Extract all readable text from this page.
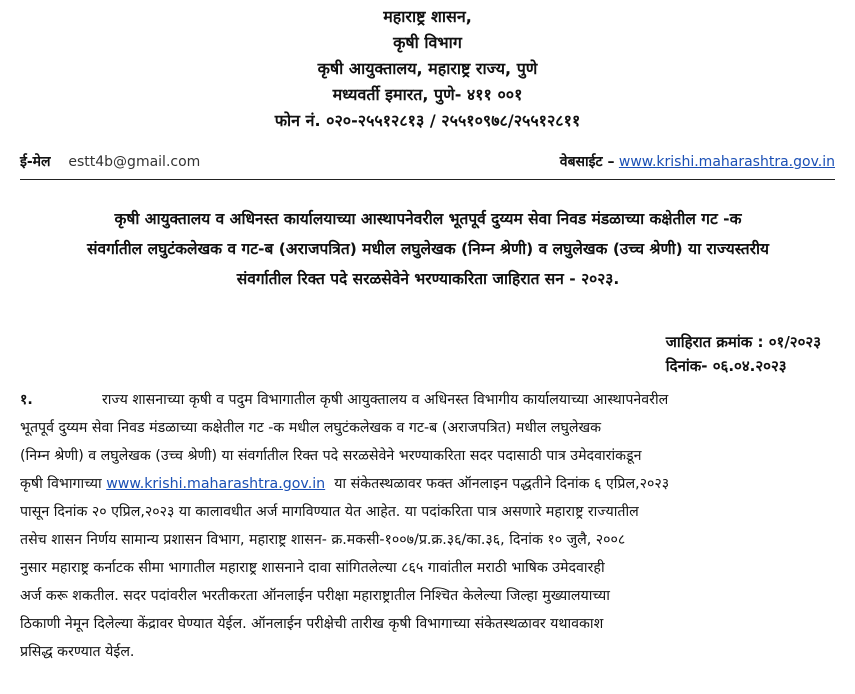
महाराष्ट्र शासन,
कृषी विभाग
कृषी आयुक्तालय, महाराष्ट्र राज्य, पुणे
मध्यवर्ती इमारत, पुणे- ४११ ००१
फोन नं. ०२०-२५५१२८१३ / २५५१०९७८/२५५१२८११
ई-मेल estt4b@gmail.com	वेबसाईट – www.krishi.maharashtra.gov.in
कृषी आयुक्तालय व अधिनस्त कार्यालयाच्या आस्थापनेवरील भूतपूर्व दुय्यम सेवा निवड मंडळाच्या कक्षेतील गट -क
संवर्गातील लघुटंकलेखक व गट-ब (अराजपत्रित) मधील लघुलेखक (निम्न श्रेणी) व लघुलेखक (उच्च श्रेणी) या राज्यस्तरीय
संवर्गातील रिक्त पदे सरळसेवेने भरण्याकरिता जाहिरात सन - २०२३.
जाहिरात क्रमांक : ०१/२०२३
दिनांक- ०६.०४.२०२३
१.	राज्य शासनाच्या कृषी व पदुम विभागातील कृषी आयुक्तालय व अधिनस्त विभागीय कार्यालयाच्या आस्थापनेवरील
भूतपूर्व दुय्यम सेवा निवड मंडळाच्या कक्षेतील गट -क मधील लघुटंकलेखक व गट-ब (अराजपत्रित) मधील लघुलेखक
(निम्न श्रेणी) व लघुलेखक (उच्च श्रेणी) या संवर्गातील रिक्त पदे सरळसेवेने भरण्याकरिता सदर पदासाठी पात्र उमेदवारांकडून
कृषी विभागाच्या www.krishi.maharashtra.gov.in  या संकेतस्थळावर फक्त ऑनलाइन पद्धतीने दिनांक ६ एप्रिल,२०२३
पासून दिनांक २० एप्रिल,२०२३ या कालावधीत अर्ज मागविण्यात येत आहेत. या पदांकरिता पात्र असणारे महाराष्ट्र राज्यातील
तसेच शासन निर्णय सामान्य प्रशासन विभाग, महाराष्ट्र शासन- क्र.मकसी-१००७/प्र.क्र.३६/का.३६, दिनांक १० जुलै, २००८
नुसार महाराष्ट्र कर्नाटक सीमा भागातील महाराष्ट्र शासनाने दावा सांगितलेल्या ८६५ गावांतील मराठी भाषिक उमेदवारही
अर्ज करू शकतील. सदर पदांवरील भरतीकरता ऑनलाईन परीक्षा महाराष्ट्रातील निश्चित केलेल्या जिल्हा मुख्यालयाच्या
ठिकाणी नेमून दिलेल्या केंद्रावर घेण्यात येईल. ऑनलाईन परीक्षेची तारीख कृषी विभागाच्या संकेतस्थळावर यथावकाश
प्रसिद्ध करण्यात येईल.
